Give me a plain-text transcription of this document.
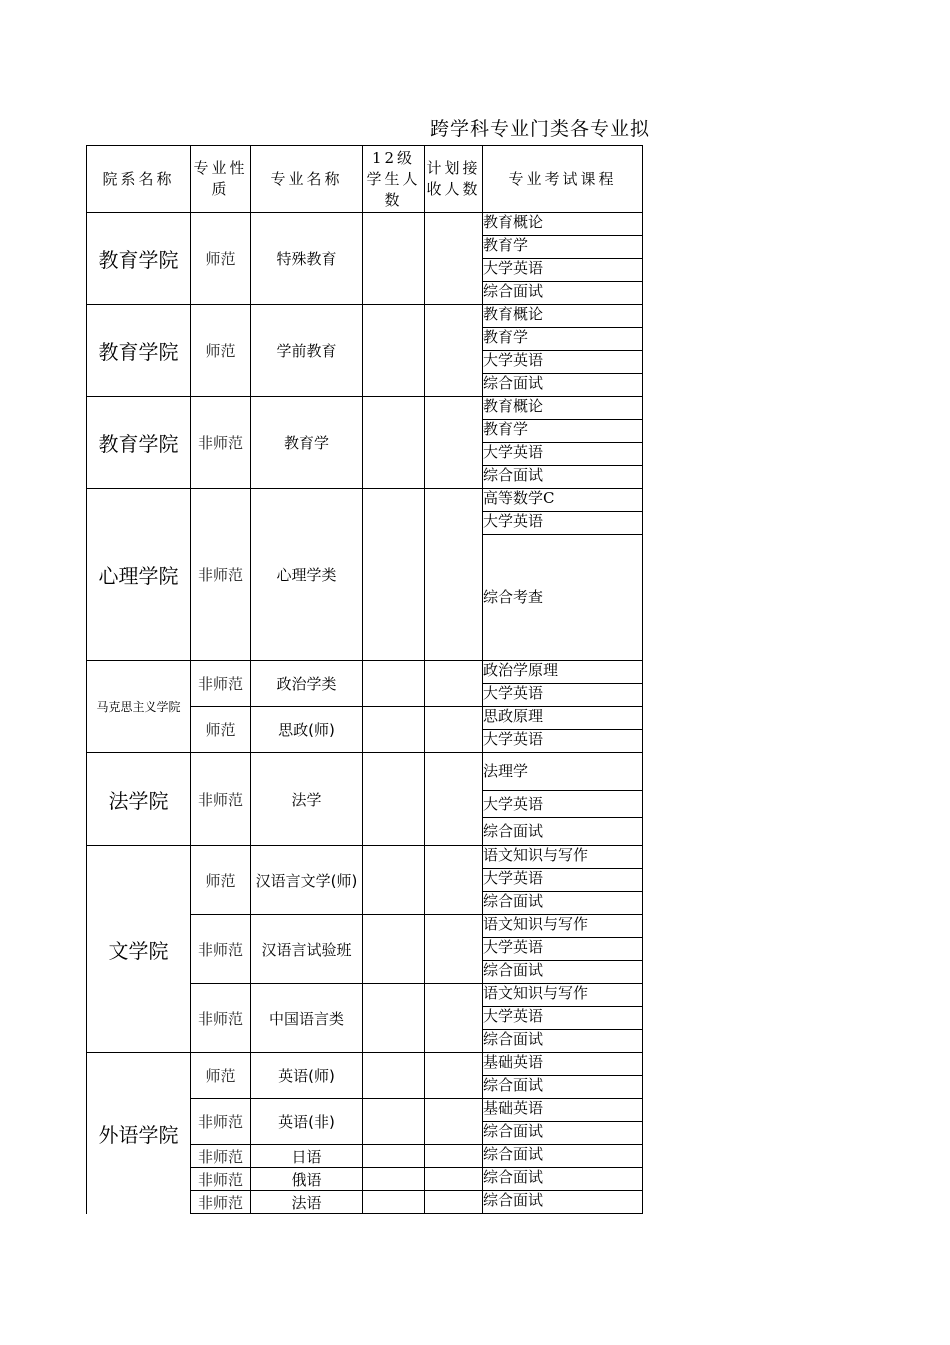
跨学科专业门类各专业拟
院系名称	专业性质	专业名称	12级学生人数	计划接收人数	专业考试课程
教育学院	师范	特殊教育			教育概论
					教育学
					大学英语
					综合面试
教育学院	师范	学前教育			教育概论
					教育学
					大学英语
					综合面试
教育学院	非师范	教育学			教育概论
					教育学
					大学英语
					综合面试
心理学院	非师范	心理学类			高等数学C
					大学英语
					综合考查
马克思主义学院	非师范	政治学类			政治学原理
					大学英语
	师范	思政(师)			思政原理
					大学英语
法学院	非师范	法学			法理学
					大学英语
					综合面试
文学院	师范	汉语言文学(师)			语文知识与写作
					大学英语
					综合面试
	非师范	汉语言试验班			语文知识与写作
					大学英语
					综合面试
	非师范	中国语言类			语文知识与写作
					大学英语
					综合面试
外语学院	师范	英语(师)			基础英语
					综合面试
	非师范	英语(非)			基础英语
					综合面试
	非师范	日语			综合面试
	非师范	俄语			综合面试
	非师范	法语			综合面试
